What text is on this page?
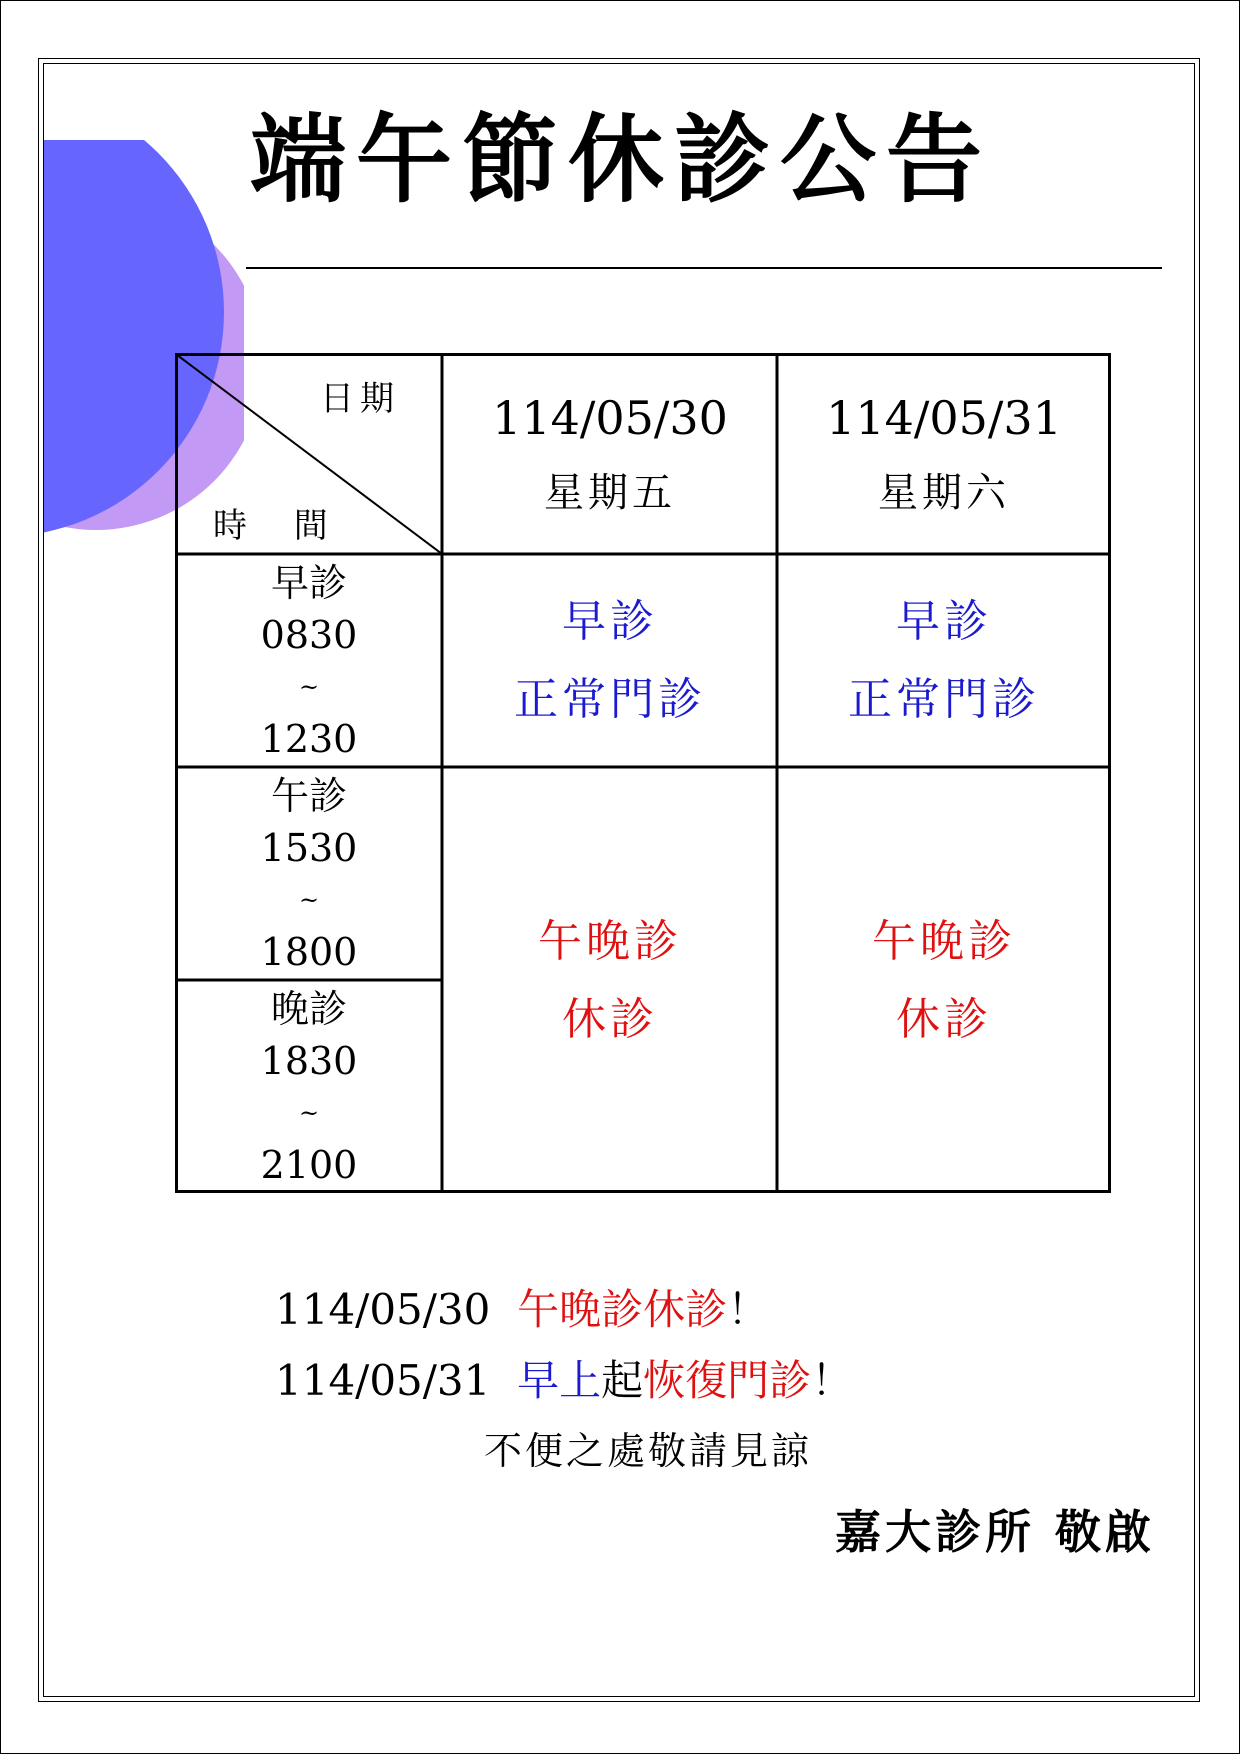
端午節休診公告
日期
時 間
114/05/30
星期五
114/05/31
星期六
早診
0830
~
1230
午診
1530
~
1800
晚診
1830
~
2100
早診
正常門診
早診
正常門診
午晚診
休診
午晚診
休診
114/05/30 午晚診休診！
114/05/31 早上起恢復門診！
不便之處敬請見諒
嘉大診所 敬啟
